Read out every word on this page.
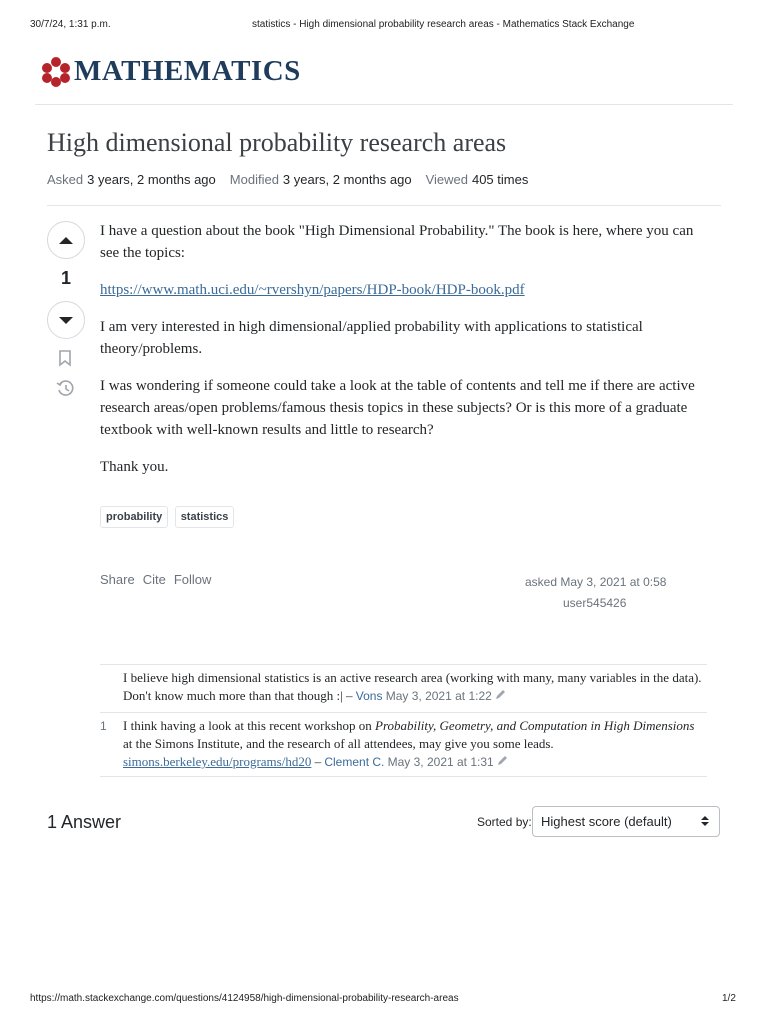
30/7/24, 1:31 p.m.	statistics - High dimensional probability research areas - Mathematics Stack Exchange
MATHEMATICS
High dimensional probability research areas
Asked 3 years, 2 months ago Modified 3 years, 2 months ago Viewed 405 times
1

I have a question about the book "High Dimensional Probability." The book is here, where you can see the topics:

https://www.math.uci.edu/~rvershyn/papers/HDP-book/HDP-book.pdf

I am very interested in high dimensional/applied probability with applications to statistical theory/problems.

I was wondering if someone could take a look at the table of contents and tell me if there are active research areas/open problems/famous thesis topics in these subjects? Or is this more of a graduate textbook with well-known results and little to research?

Thank you.

probability statistics
Share Cite Follow	asked May 3, 2021 at 0:58
user545426
I believe high dimensional statistics is an active research area (working with many, many variables in the data). Don't know much more than that though :| – Vons May 3, 2021 at 1:22
1 I think having a look at this recent workshop on Probability, Geometry, and Computation in High Dimensions at the Simons Institute, and the research of all attendees, may give you some leads.
simons.berkeley.edu/programs/hd20 – Clement C. May 3, 2021 at 1:31
1 Answer	Sorted by: Highest score (default)
https://math.stackexchange.com/questions/4124958/high-dimensional-probability-research-areas	1/2
